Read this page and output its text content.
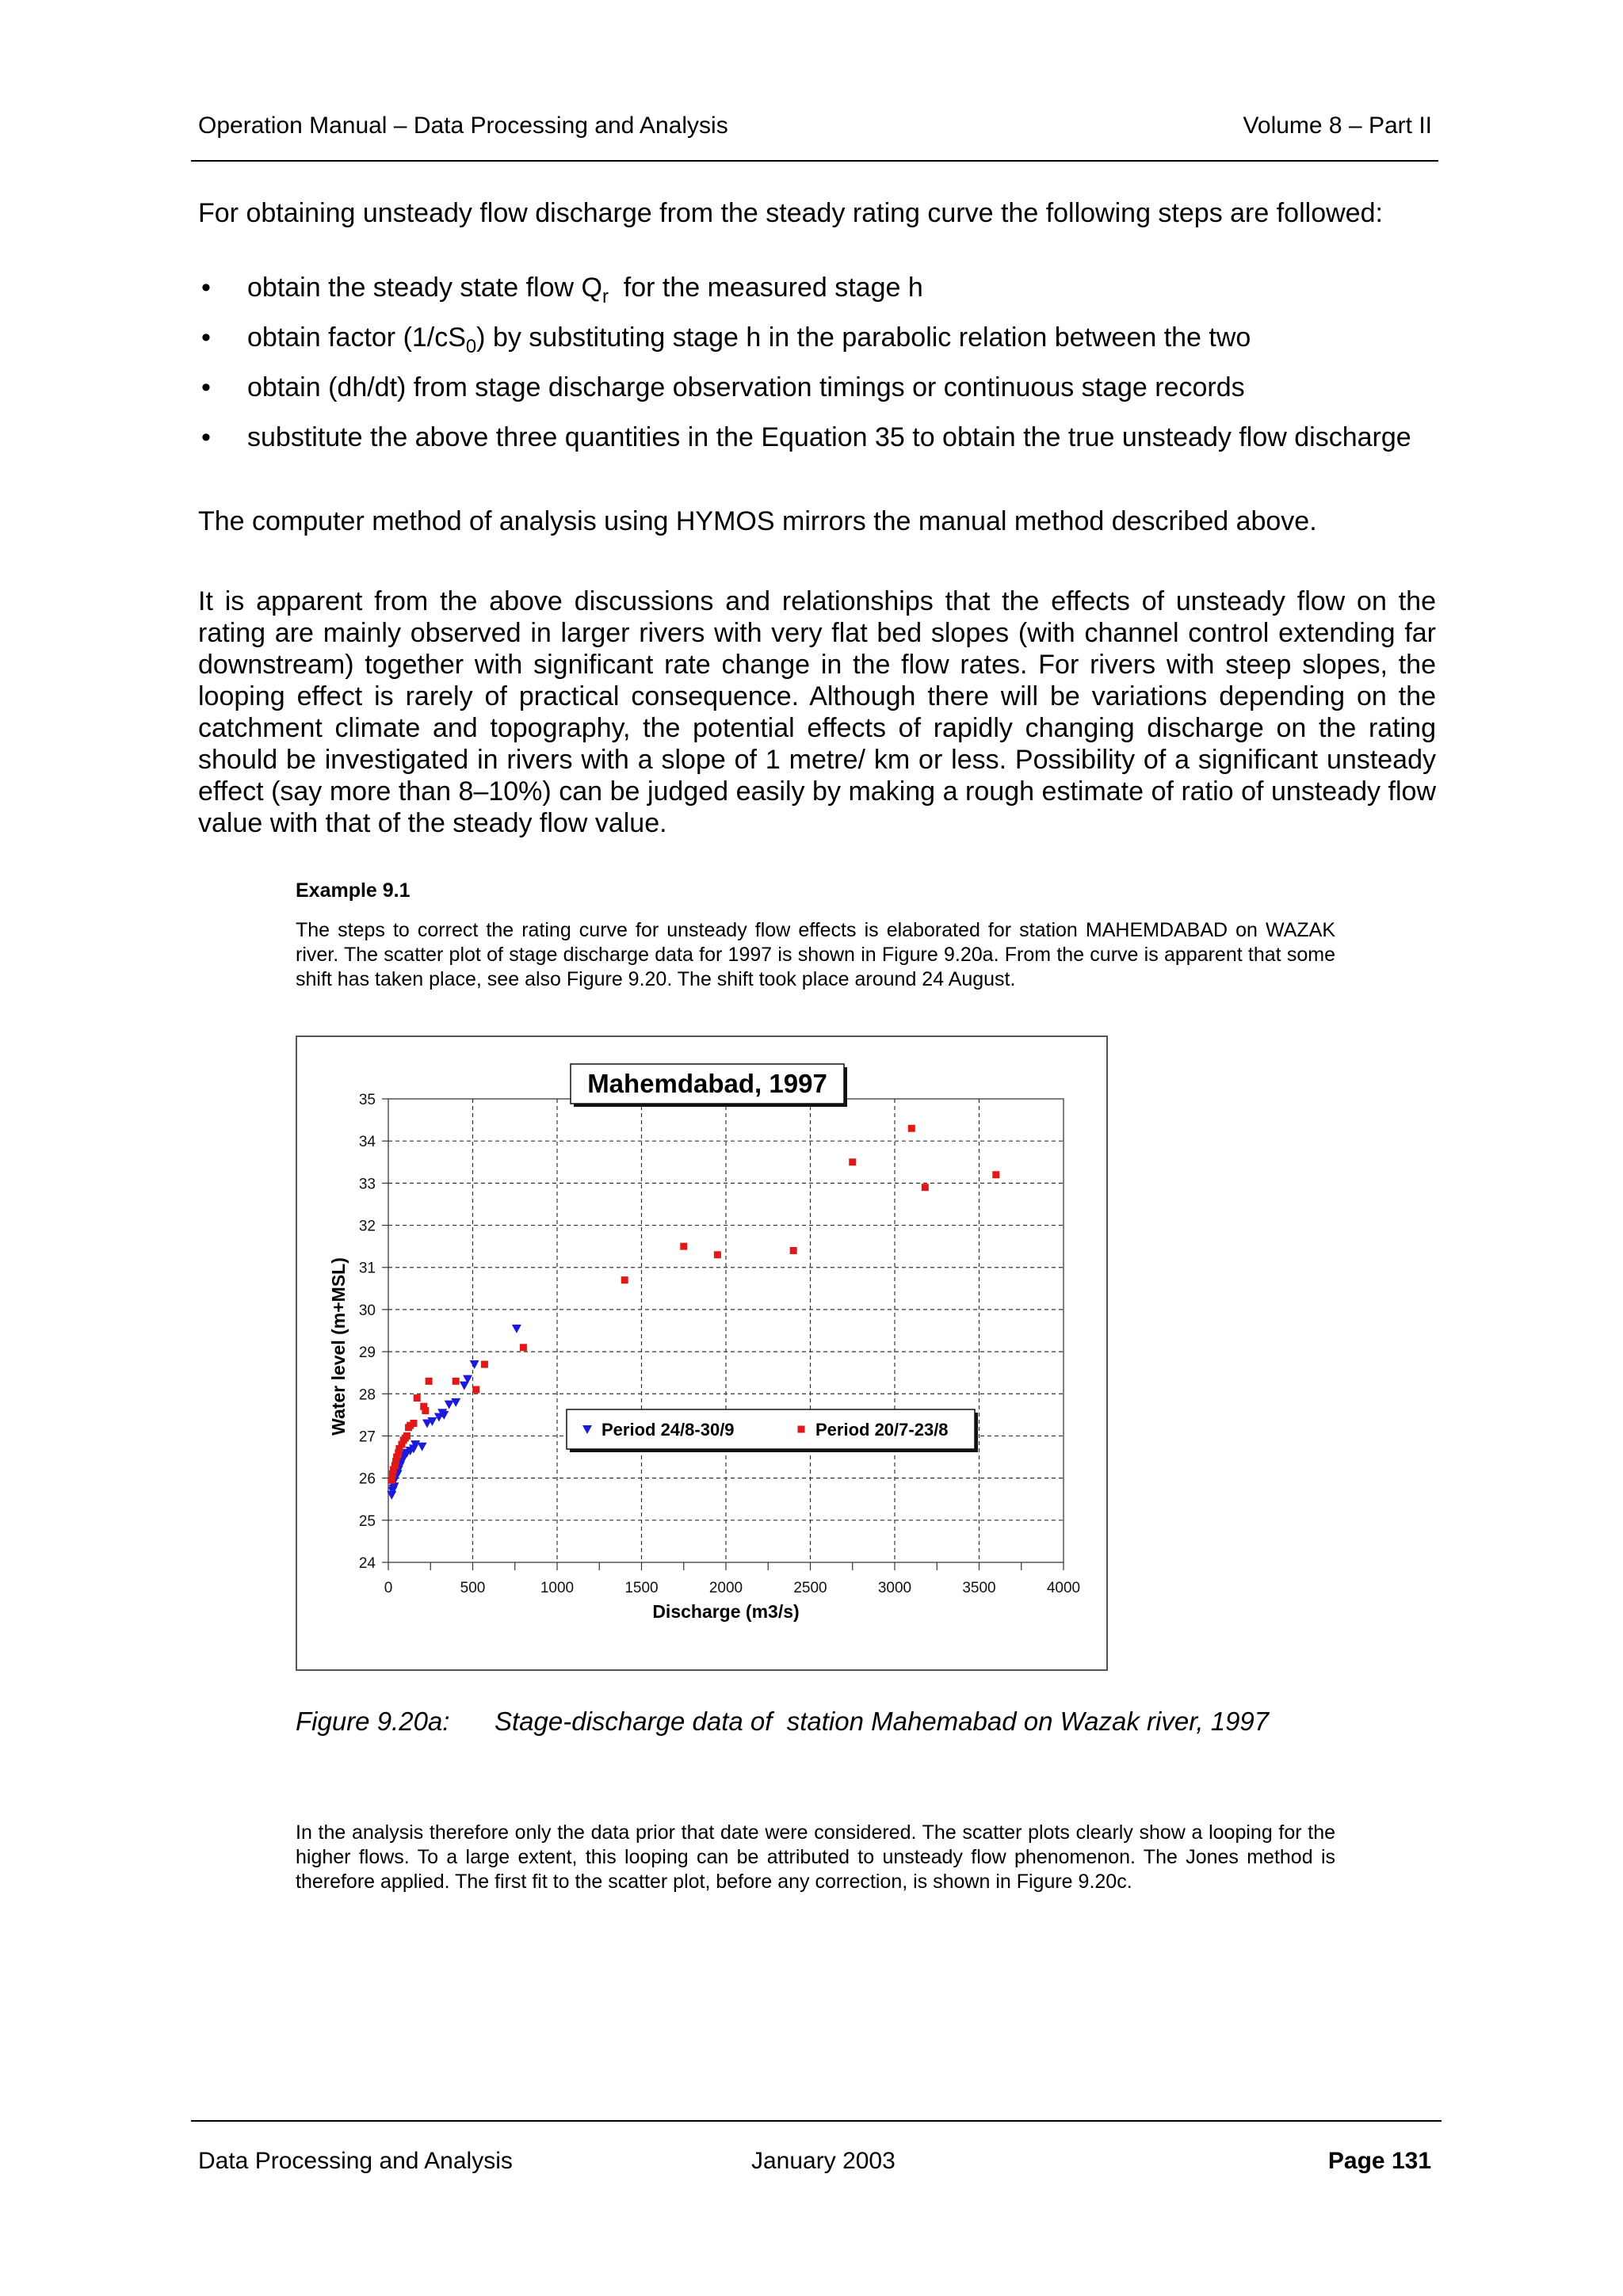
Operation Manual – Data Processing and Analysis	Volume 8 – Part II
For obtaining unsteady flow discharge from the steady rating curve the following steps are followed:
• obtain the steady state flow $Q_r$  for the measured stage h
• obtain factor $(1/cS_0)$ by substituting stage h in the parabolic relation between the two
• obtain (dh/dt) from stage discharge observation timings or continuous stage records
• substitute the above three quantities in the Equation 35 to obtain the true unsteady flow discharge
The computer method of analysis using HYMOS mirrors the manual method described above.
It is apparent from the above discussions and relationships that the effects of unsteady flow on the rating are mainly observed in larger rivers with very flat bed slopes (with channel control extending far downstream) together with significant rate change in the flow rates. For rivers with steep slopes, the looping effect is rarely of practical consequence. Although there will be variations depending on the catchment climate and topography, the potential effects of rapidly changing discharge on the rating should be investigated in rivers with a slope of 1 metre/ km or less. Possibility of a significant unsteady effect (say more than 8–10%) can be judged easily by making a rough estimate of ratio of unsteady flow value with that of the steady flow value.
Example 9.1
The steps to correct the rating curve for unsteady flow effects is elaborated for station MAHEMDABAD on WAZAK river. The scatter plot of stage discharge data for 1997 is shown in Figure 9.20a. From the curve is apparent that some shift has taken place, see also Figure 9.20. The shift took place around 24 August.
0	500	1000	1500	2000	2500	3000	3500	4000
24
25
26
27
28
29
30
31
32
33
34
35
Discharge (m3/s)
Water level (m+MSL)	Period 24/8-30/9	Period 20/7-23/8
Mahemdabad, 1997
Figure 9.20a: Stage-discharge data of  station Mahemabad on Wazak river, 1997
In the analysis therefore only the data prior that date were considered. The scatter plots clearly show a looping for the higher flows. To a large extent, this looping can be attributed to unsteady flow phenomenon. The Jones method is therefore applied. The first fit to the scatter plot, before any correction, is shown in Figure 9.20c.
Data Processing and Analysis	January 2003	Page 131
